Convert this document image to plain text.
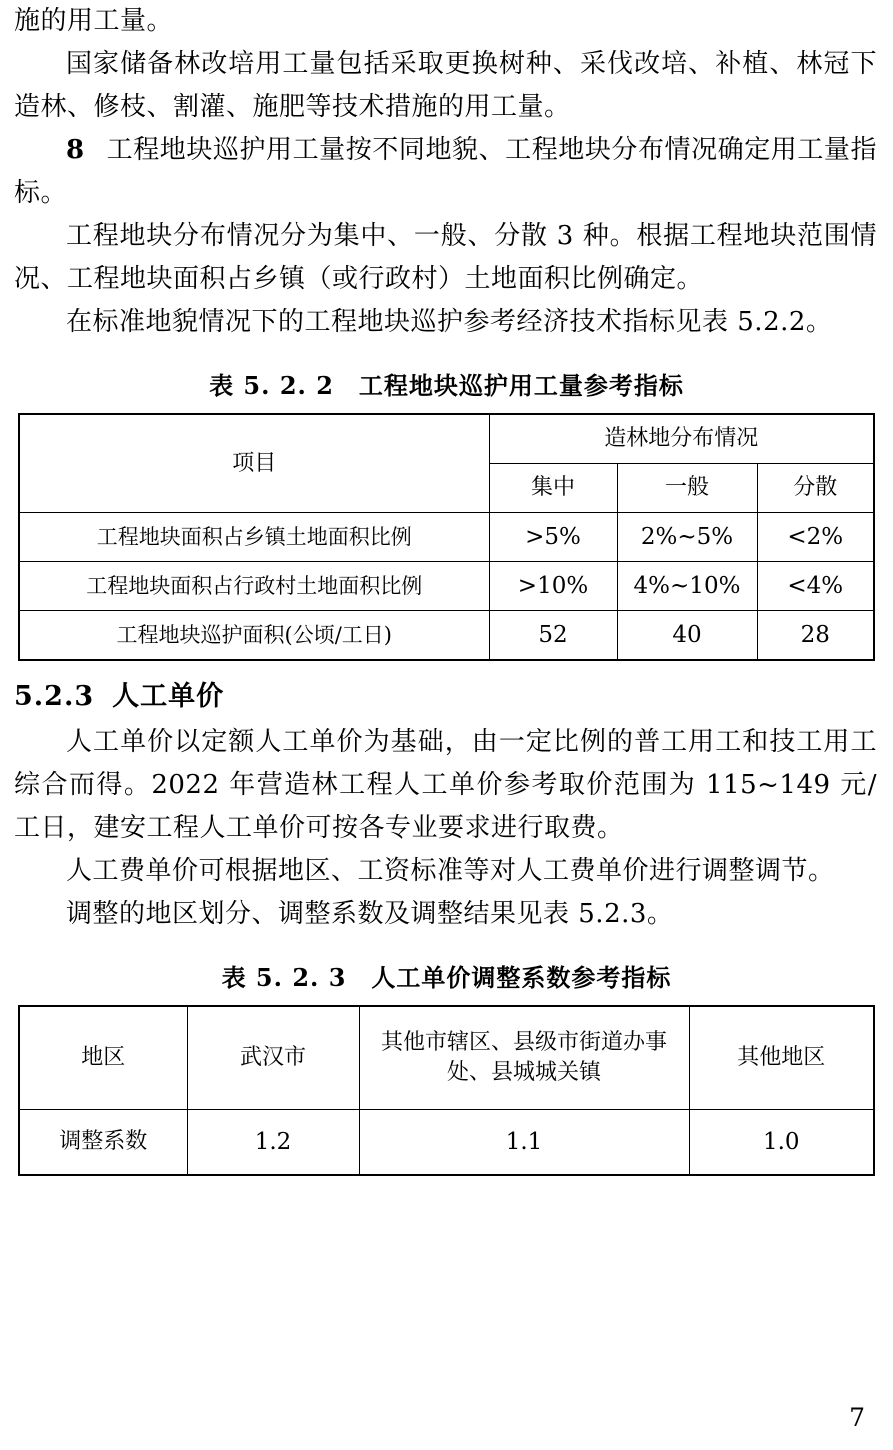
施的用工量。

国家储备林改培用工量包括采取更换树种、采伐改培、补植、林冠下造林、修枝、割灌、施肥等技术措施的用工量。

8 工程地块巡护用工量按不同地貌、工程地块分布情况确定用工量指标。

工程地块分布情况分为集中、一般、分散 3 种。根据工程地块范围情况、工程地块面积占乡镇（或行政村）土地面积比例确定。

在标准地貌情况下的工程地块巡护参考经济技术指标见表 5.2.2。

表 5. 2. 2　工程地块巡护用工量参考指标
项目	造林地分布情况		
	集中	一般	分散
工程地块面积占乡镇土地面积比例	>5%	2%~5%	<2%
工程地块面积占行政村土地面积比例	>10%	4%~10%	<4%
工程地块巡护面积(公顷/工日)	52	40	28
5.2.3 人工单价

人工单价以定额人工单价为基础，由一定比例的普工用工和技工用工综合而得。2022 年营造林工程人工单价参考取价范围为 115~149 元/工日，建安工程人工单价可按各专业要求进行取费。

人工费单价可根据地区、工资标准等对人工费单价进行调整调节。

调整的地区划分、调整系数及调整结果见表 5.2.3。

表 5. 2. 3　人工单价调整系数参考指标
地区	武汉市	其他市辖区、县级市街道办事处、县城城关镇	其他地区
调整系数	1.2	1.1	1.0
7
